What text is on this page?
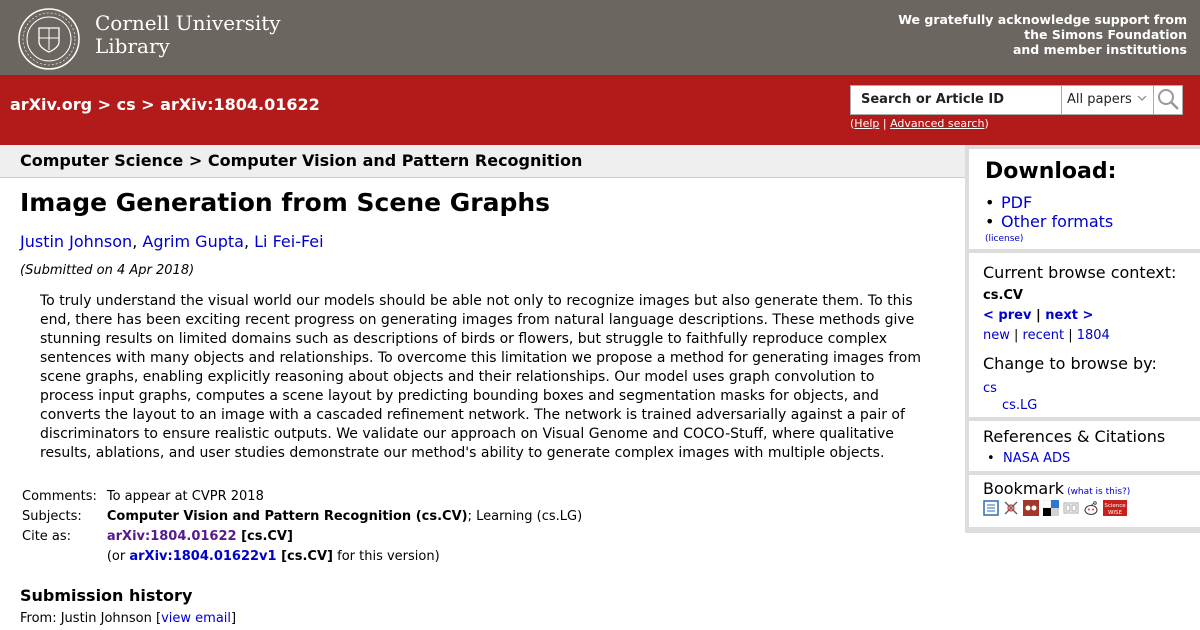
Cornell University
Library
We gratefully acknowledge support from
the Simons Foundation
and member institutions
arXiv.org > cs > arXiv:1804.01622	Search or Article ID	All papers
(Help | Advanced search)
Computer Science > Computer Vision and Pattern Recognition
Image Generation from Scene Graphs
Justin Johnson, Agrim Gupta, Li Fei-Fei
(Submitted on 4 Apr 2018)
To truly understand the visual world our models should be able not only to recognize images but also generate them. To this end, there has been exciting recent progress on generating images from natural language descriptions. These methods give stunning results on limited domains such as descriptions of birds or flowers, but struggle to faithfully reproduce complex sentences with many objects and relationships. To overcome this limitation we propose a method for generating images from scene graphs, enabling explicitly reasoning about objects and their relationships. Our model uses graph convolution to process input graphs, computes a scene layout by predicting bounding boxes and segmentation masks for objects, and converts the layout to an image with a cascaded refinement network. The network is trained adversarially against a pair of discriminators to ensure realistic outputs. We validate our approach on Visual Genome and COCO-Stuff, where qualitative results, ablations, and user studies demonstrate our method's ability to generate complex images with multiple objects.
Comments:	To appear at CVPR 2018
Subjects:	Computer Vision and Pattern Recognition (cs.CV); Learning (cs.LG)
Cite as:	arXiv:1804.01622 [cs.CV]
	(or arXiv:1804.01622v1 [cs.CV] for this version)
Submission history
From: Justin Johnson [view email]
Download:
• PDF
• Other formats
(license)
Current browse context:
cs.CV
< prev | next >
new | recent | 1804
Change to browse by:
cs
cs.LG
References & Citations
• NASA ADS
Bookmark (what is this?)
Science
WISE
